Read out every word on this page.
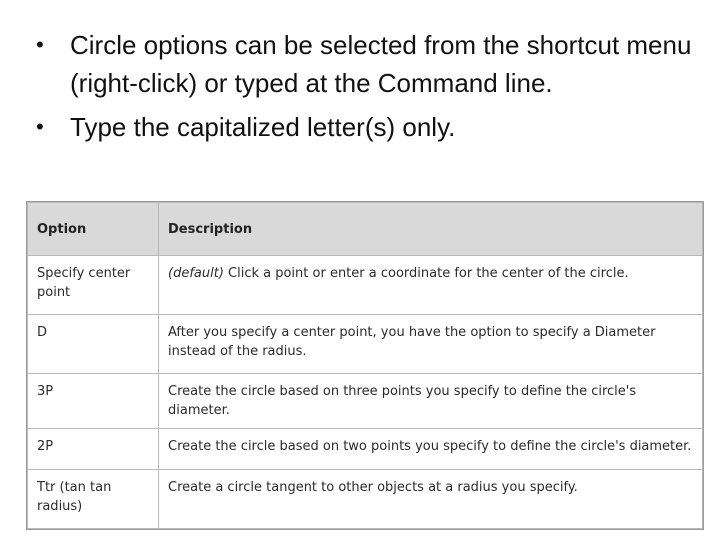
• Circle options can be selected from the shortcut menu (right-click) or typed at the Command line.
• Type the capitalized letter(s) only.
Option	Description
Specify center point	(default) Click a point or enter a coordinate for the center of the circle.
D	After you specify a center point, you have the option to specify a Diameter instead of the radius.
3P	Create the circle based on three points you specify to define the circle's diameter.
2P	Create the circle based on two points you specify to define the circle's diameter.
Ttr (tan tan radius)	Create a circle tangent to other objects at a radius you specify.
